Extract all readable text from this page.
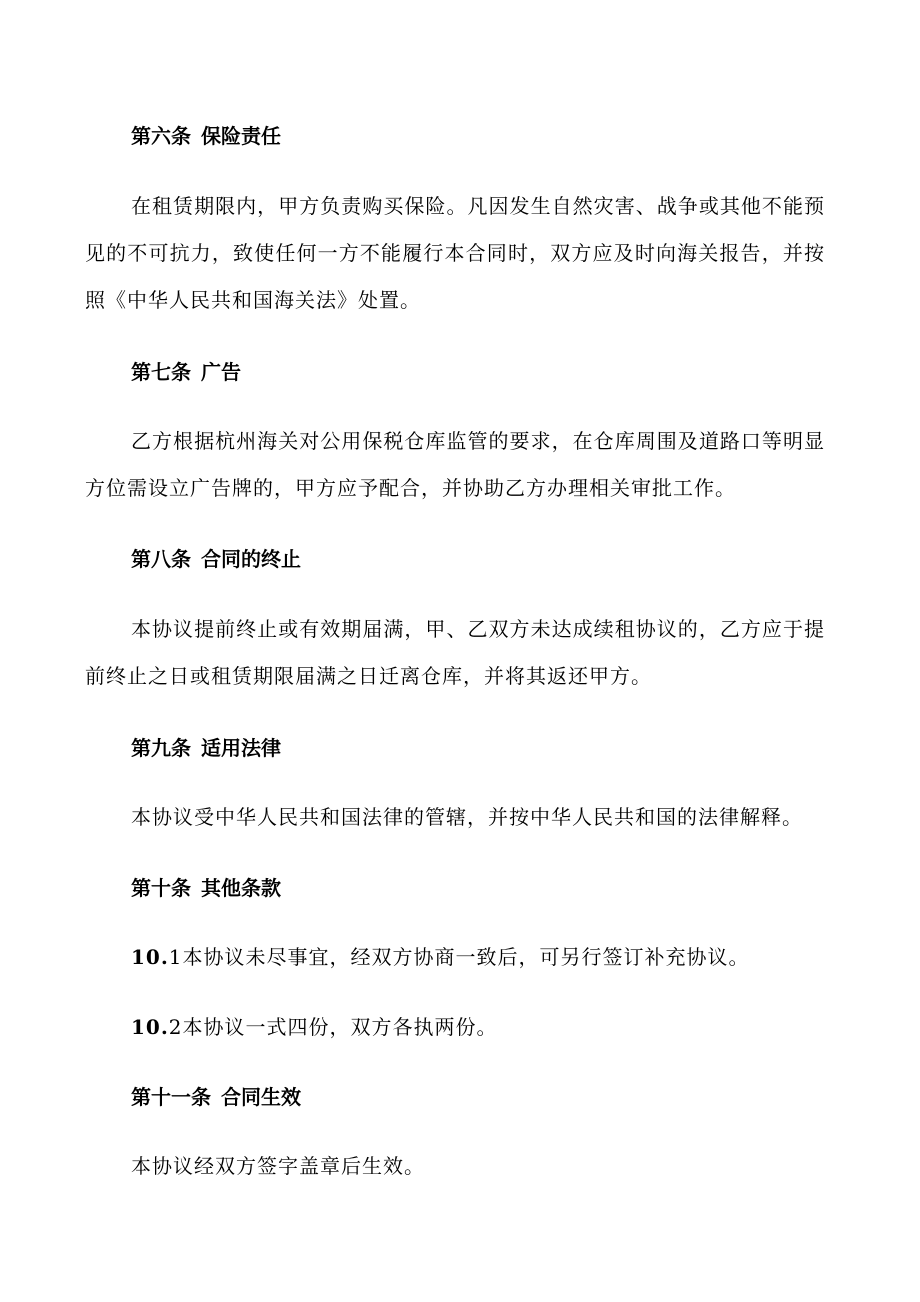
第六条 保险责任

在租赁期限内，甲方负责购买保险。凡因发生自然灾害、战争或其他不能预见的不可抗力，致使任何一方不能履行本合同时，双方应及时向海关报告，并按照《中华人民共和国海关法》处置。

第七条 广告

乙方根据杭州海关对公用保税仓库监管的要求，在仓库周围及道路口等明显方位需设立广告牌的，甲方应予配合，并协助乙方办理相关审批工作。

第八条 合同的终止

本协议提前终止或有效期届满，甲、乙双方未达成续租协议的，乙方应于提前终止之日或租赁期限届满之日迁离仓库，并将其返还甲方。

第九条 适用法律

本协议受中华人民共和国法律的管辖，并按中华人民共和国的法律解释。

第十条 其他条款

10.1本协议未尽事宜，经双方协商一致后，可另行签订补充协议。

10.2本协议一式四份，双方各执两份。

第十一条 合同生效

本协议经双方签字盖章后生效。
